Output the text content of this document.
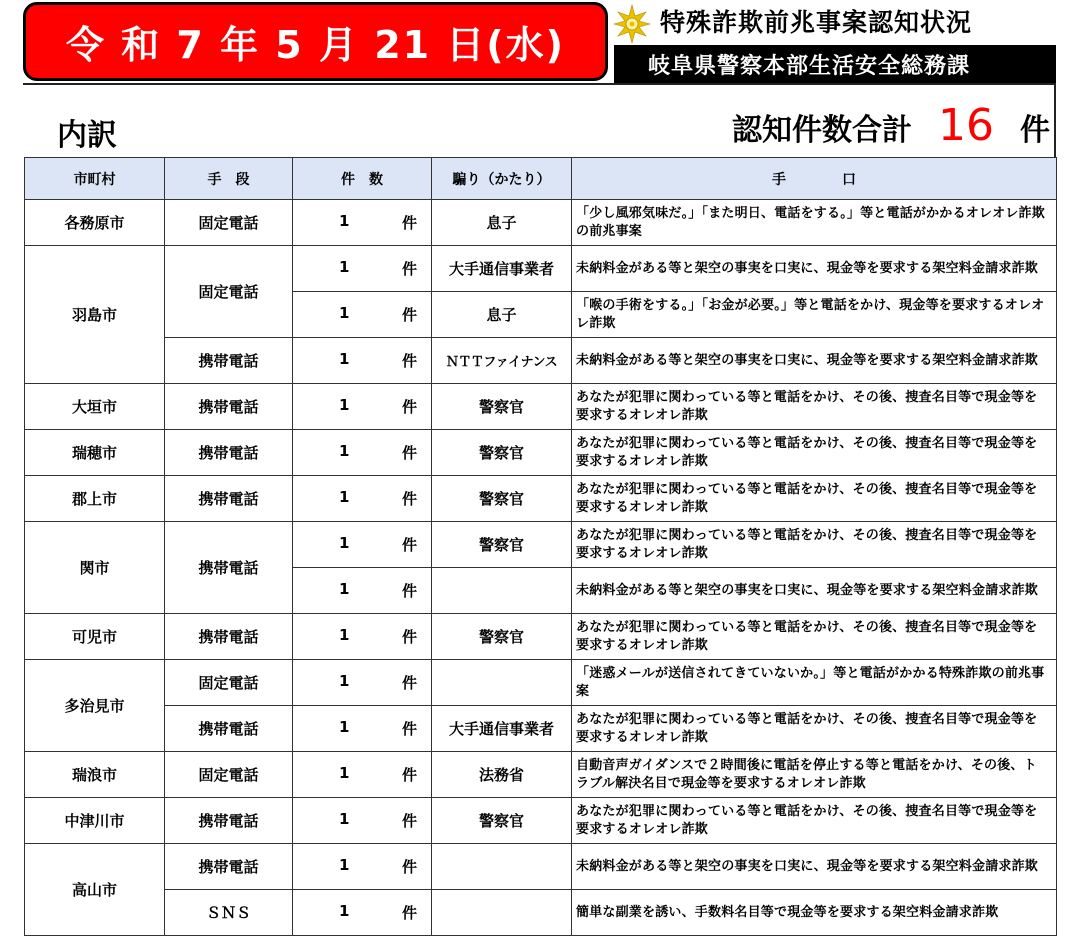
令 和 7 年 5 月 21 日(水)
特殊詐欺前兆事案認知状況
岐阜県警察本部生活安全総務課
内訳	認知件数合計 16 件
市町村	手　段	件　数	騙り（かたり）	手　　　　口
各務原市	固定電話	1 件	息子	「少し風邪気味だ。」「また明日、電話をする。」等と電話がかかるオレオレ詐欺の前兆事案
羽島市	固定電話	1 件	大手通信事業者	未納料金がある等と架空の事実を口実に、現金等を要求する架空料金請求詐欺

		1 件	息子	「喉の手術をする。」「お金が必要。」等と電話をかけ、現金等を要求するオレオレ詐欺
	携帯電話	1 件	ＮＴＴファイナンス	未納料金がある等と架空の事実を口実に、現金等を要求する架空料金請求詐欺
大垣市	携帯電話	1 件	警察官	あなたが犯罪に関わっている等と電話をかけ、その後、捜査名目等で現金等を要求するオレオレ詐欺
瑞穂市	携帯電話	1 件	警察官	あなたが犯罪に関わっている等と電話をかけ、その後、捜査名目等で現金等を要求するオレオレ詐欺
郡上市	携帯電話	1 件	警察官	あなたが犯罪に関わっている等と電話をかけ、その後、捜査名目等で現金等を要求するオレオレ詐欺
関市	携帯電話	1 件	警察官	あなたが犯罪に関わっている等と電話をかけ、その後、捜査名目等で現金等を要求するオレオレ詐欺

		1 件		未納料金がある等と架空の事実を口実に、現金等を要求する架空料金請求詐欺
可児市	携帯電話	1 件	警察官	あなたが犯罪に関わっている等と電話をかけ、その後、捜査名目等で現金等を要求するオレオレ詐欺
多治見市	固定電話	1 件		「迷惑メールが送信されてきていないか。」等と電話がかかる特殊詐欺の前兆事案
	携帯電話	1 件	大手通信事業者	あなたが犯罪に関わっている等と電話をかけ、その後、捜査名目等で現金等を要求するオレオレ詐欺
瑞浪市	固定電話	1 件	法務省	自動音声ガイダンスで２時間後に電話を停止する等と電話をかけ、その後、トラブル解決名目で現金等を要求するオレオレ詐欺
中津川市	携帯電話	1 件	警察官	あなたが犯罪に関わっている等と電話をかけ、その後、捜査名目等で現金等を要求するオレオレ詐欺
高山市	携帯電話	1 件		未納料金がある等と架空の事実を口実に、現金等を要求する架空料金請求詐欺
	ＳＮＳ	1 件		簡単な副業を誘い、手数料名目等で現金等を要求する架空料金請求詐欺
